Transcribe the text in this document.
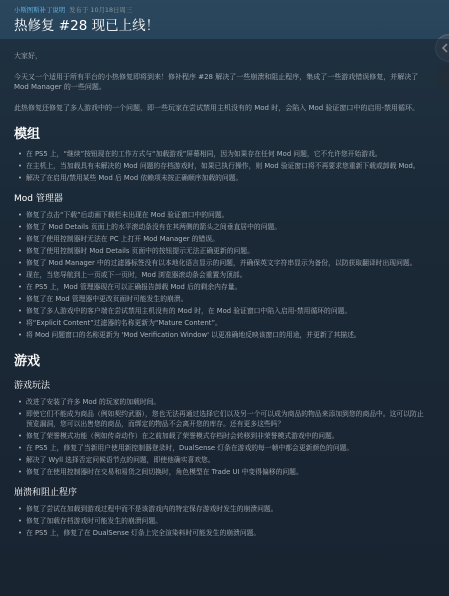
小斯图斯补丁说明 发布于 10月18日周三
热修复 #28 现已上线！

大家好，

今天又一个适用于所有平台的小热修复即将到来！修补程序 #28 解决了一些崩溃和阻止程序，集成了一些游戏错误修复，并解决了 Mod Manager 的一些问题。

此热修复还修复了多人游戏中的一个问题，即一些玩家在尝试禁用主机没有的 Mod 时，会陷入 Mod 验证窗口中的启用-禁用循环。

模组
• 在 PS5 上，“继续”按钮现在的工作方式与“加载游戏”屏幕相同，因为如果存在任何 Mod 问题，它不允许您开始游戏。
• 在主机上，当加载具有未解决的 Mod 问题的存档游戏时，如果已执行操作，则 Mod 验证窗口将不再要求您重新下载或卸载 Mod。
• 解决了在启用/禁用某些 Mod 后 Mod 依赖项未按正确顺序加载的问题。
Mod 管理器
• 修复了点击“下载”后动画下载栏未出现在 Mod 验证窗口中的问题。
• 修复了 Mod Details 页面上的水平滚动条没有在其两侧的箭头之间垂直居中的问题。
• 修复了使用控制器时无法在 PC 上打开 Mod Manager 的错误。
• 修复了使用控制器时 Mod Details 页面中的按钮提示无法正确更新的问题。
• 修复了 Mod Manager 中的过滤器标签没有以本地化语言显示的问题，并确保英文字符串显示为备份，以防获取翻译时出现问题。
• 现在，当您导航到上一页或下一页时，Mod 浏览器滚动条会重置为顶部。
• 在 PS5 上，Mod 管理器现在可以正确报告卸载 Mod 后的剩余内存量。
• 修复了在 Mod 管理器中更改页面时可能发生的崩溃。
• 修复了多人游戏中的客户端在尝试禁用主机没有的 Mod 时，在 Mod 验证窗口中陷入启用-禁用循环的问题。
• 将“Explicit Content”过滤器的名称更新为“Mature Content”。
• 将 Mod 问题窗口的名称更新为 'Mod Verification Window' 以更准确地反映该窗口的用途，并更新了其描述。
游戏
游戏玩法
• 改进了安装了许多 Mod 的玩家的加载时间。
• 即使它们不能成为商品（例如契约武器），您也无法再通过选择它们以及另一个可以成为商品的物品来添加到您的商品中。这可以防止预览漏洞，您可以出售您的商品，而绑定的物品不会离开您的库存。还有更多这些吗？
• 修复了荣誉模式功能（例如传奇动作）在之前加载了荣誉模式存档时会转移到非荣誉模式游戏中的问题。
• 在 PS5 上，修复了当新用户使用新控制器登录时，DualSense 灯条在游戏的每一帧中都会更新颜色的问题。
• 解决了 Wyll 选择否定问候语节点的问题，即使他确实喜欢您。
• 修复了在使用控制器时在交易和易货之间切换时，角色模型在 Trade UI 中变得偏移的问题。
崩溃和阻止程序
• 修复了尝试在加载到游戏过程中而不是该游戏内的特定保存游戏时发生的崩溃问题。
• 修复了加载存档游戏时可能发生的崩溃问题。
• 在 PS5 上，修复了在 DualSense 灯条上完全渲染料时可能发生的崩溃问题。
